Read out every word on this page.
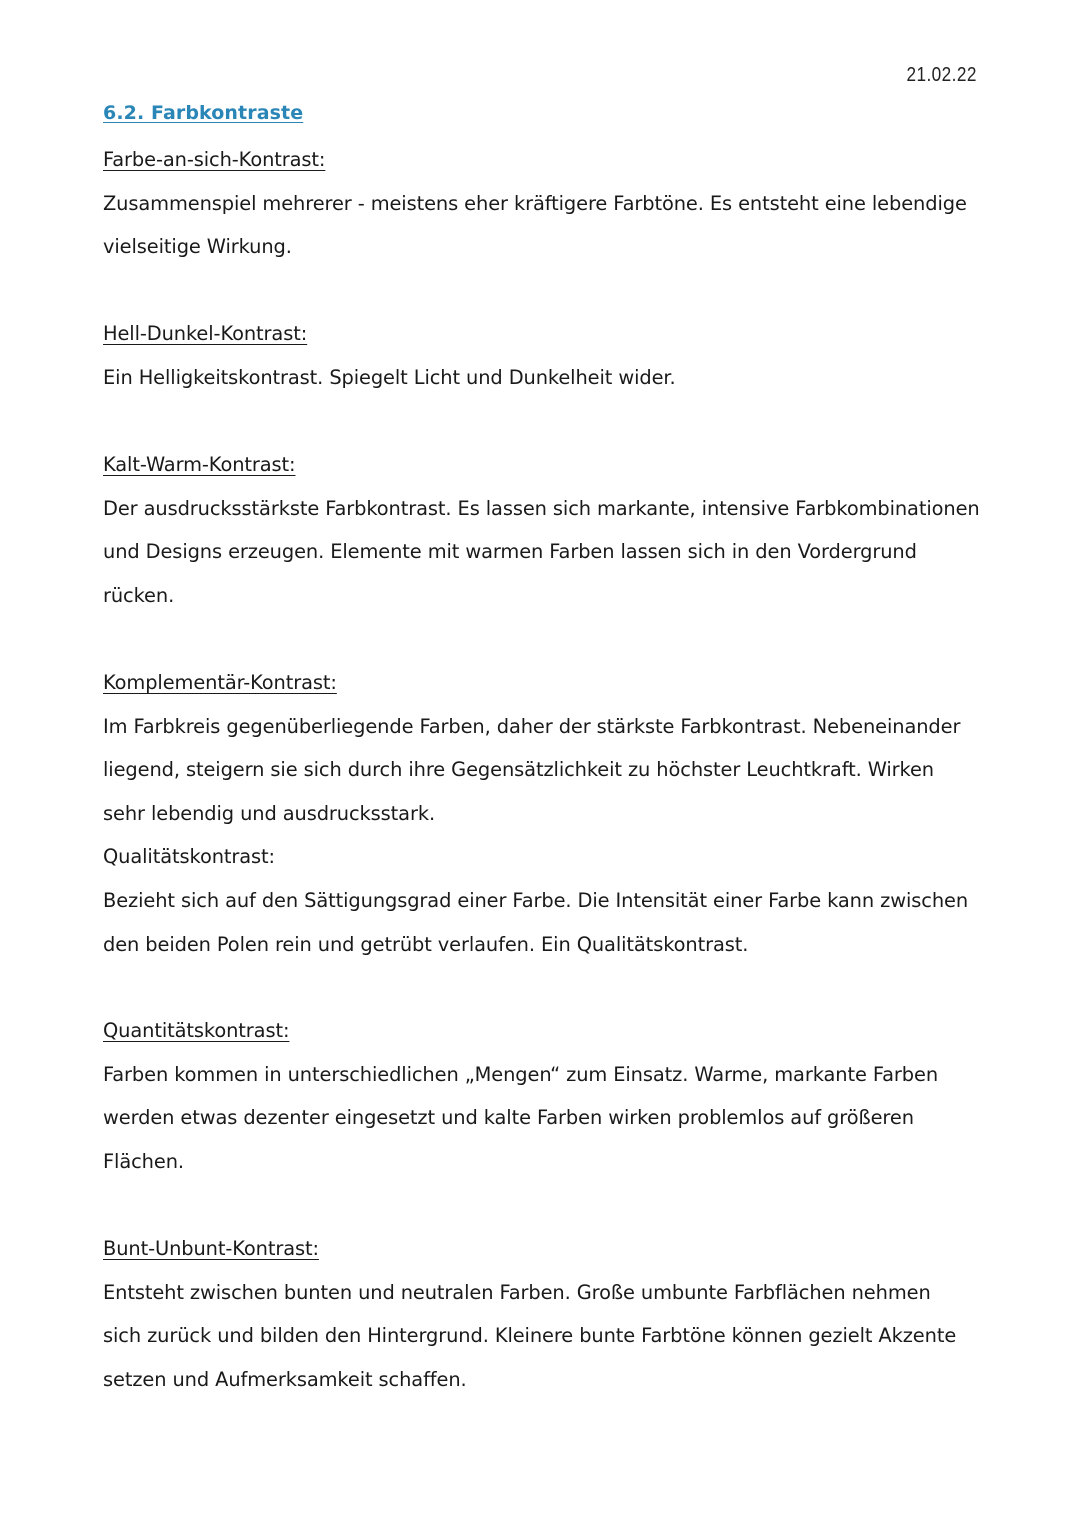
21.02.22
6.2. Farbkontraste
Farbe-an-sich-Kontrast:
Zusammenspiel mehrerer - meistens eher kräftigere Farbtöne. Es entsteht eine lebendige
vielseitige Wirkung.
Hell-Dunkel-Kontrast:
Ein Helligkeitskontrast. Spiegelt Licht und Dunkelheit wider.
Kalt-Warm-Kontrast:
Der ausdrucksstärkste Farbkontrast. Es lassen sich markante, intensive Farbkombinationen
und Designs erzeugen. Elemente mit warmen Farben lassen sich in den Vordergrund
rücken.
Komplementär-Kontrast:
Im Farbkreis gegenüberliegende Farben, daher der stärkste Farbkontrast. Nebeneinander
liegend, steigern sie sich durch ihre Gegensätzlichkeit zu höchster Leuchtkraft. Wirken
sehr lebendig und ausdrucksstark.
Qualitätskontrast:
Bezieht sich auf den Sättigungsgrad einer Farbe. Die Intensität einer Farbe kann zwischen
den beiden Polen rein und getrübt verlaufen. Ein Qualitätskontrast.
Quantitätskontrast:
Farben kommen in unterschiedlichen „Mengen“ zum Einsatz. Warme, markante Farben
werden etwas dezenter eingesetzt und kalte Farben wirken problemlos auf größeren
Flächen.
Bunt-Unbunt-Kontrast:
Entsteht zwischen bunten und neutralen Farben. Große umbunte Farbflächen nehmen
sich zurück und bilden den Hintergrund. Kleinere bunte Farbtöne können gezielt Akzente
setzen und Aufmerksamkeit schaffen.
